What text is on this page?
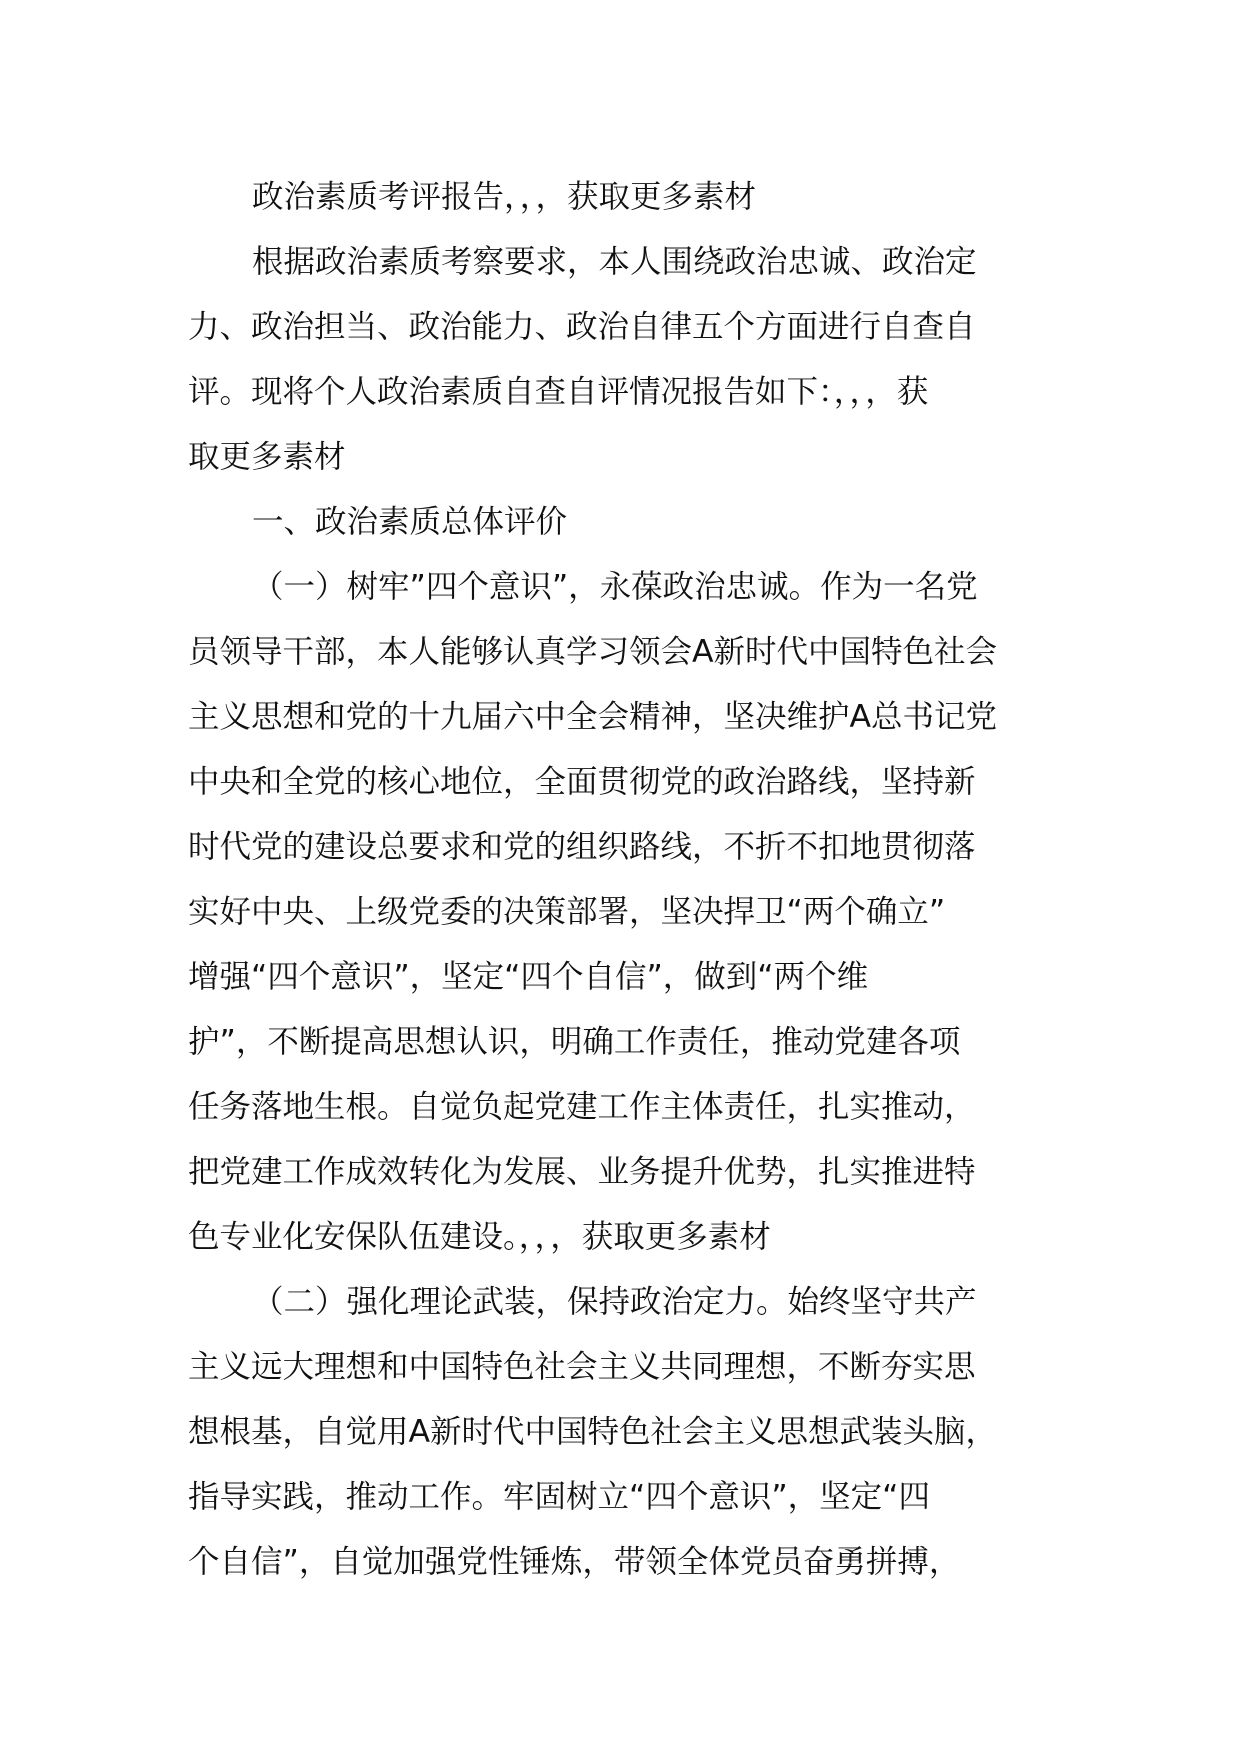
政治素质考评报告，，，获取更多素材
根据政治素质考察要求，本人围绕政治忠诚、政治定
力、政治担当、政治能力、政治自律五个方面进行自查自
评。现将个人政治素质自查自评情况报告如下：，，，获
取更多素材
一、政治素质总体评价
（一）树牢”四个意识”，永葆政治忠诚。作为一名党
员领导干部，本人能够认真学习领会A新时代中国特色社会
主义思想和党的十九届六中全会精神，坚决维护A总书记党
中央和全党的核心地位，全面贯彻党的政治路线，坚持新
时代党的建设总要求和党的组织路线，不折不扣地贯彻落
实好中央、上级党委的决策部署，坚决捍卫“两个确立”
增强“四个意识”，坚定“四个自信”，做到“两个维
护”，不断提高思想认识，明确工作责任，推动党建各项
任务落地生根。自觉负起党建工作主体责任，扎实推动，
把党建工作成效转化为发展、业务提升优势，扎实推进特
色专业化安保队伍建设。，，，获取更多素材
（二）强化理论武装，保持政治定力。始终坚守共产
主义远大理想和中国特色社会主义共同理想，不断夯实思
想根基，自觉用A新时代中国特色社会主义思想武装头脑，
指导实践，推动工作。牢固树立“四个意识”，坚定“四
个自信”，自觉加强党性锤炼，带领全体党员奋勇拼搏，
